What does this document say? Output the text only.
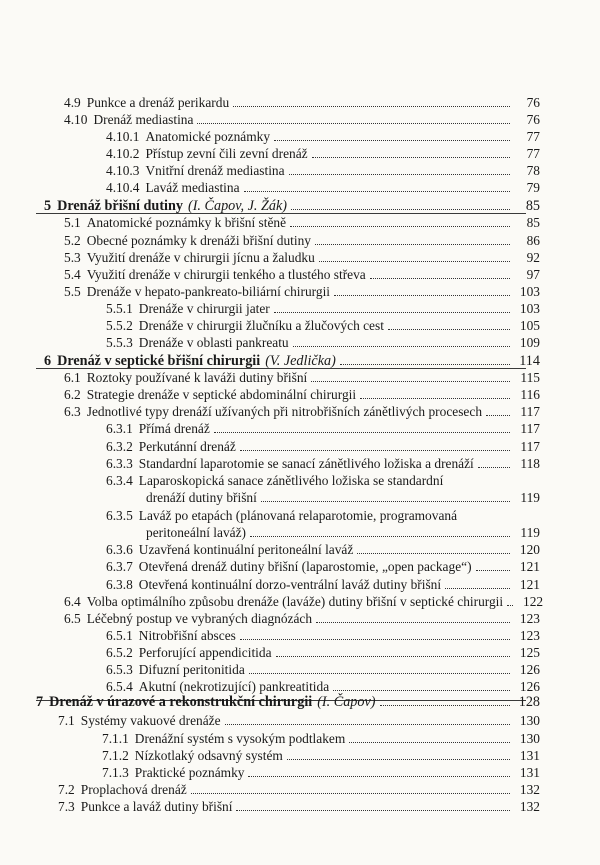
4.9 Punkce a drenáž perikardu	76
4.10 Drenáž mediastina	76
4.10.1 Anatomické poznámky	77
4.10.2 Přístup zevní čili zevní drenáž	77
4.10.3 Vnitřní drenáž mediastina	78
4.10.4 Laváž mediastina	79
5 Drenáž břišní dutiny (I. Čapov, J. Žák)	85
5.1 Anatomické poznámky k břišní stěně	85
5.2 Obecné poznámky k drenáži břišní dutiny	86
5.3 Využití drenáže v chirurgii jícnu a žaludku	92
5.4 Využití drenáže v chirurgii tenkého a tlustého střeva	97
5.5 Drenáže v hepato-pankreato-biliární chirurgii	103
5.5.1 Drenáže v chirurgii jater	103
5.5.2 Drenáže v chirurgii žlučníku a žlučových cest	105
5.5.3 Drenáže v oblasti pankreatu	109
6 Drenáž v septické břišní chirurgii (V. Jedlička)	114
6.1 Roztoky používané k laváži dutiny břišní	115
6.2 Strategie drenáže v septické abdominální chirurgii	116
6.3 Jednotlivé typy drenáží užívaných při nitrobřišních zánětlivých procesech	117
6.3.1 Přímá drenáž	117
6.3.2 Perkutánní drenáž	117
6.3.3 Standardní laparotomie se sanací zánětlivého ložiska a drenáží	118
6.3.4 Laparoskopická sanace zánětlivého ložiska se standardní
drenáží dutiny břišní	119
6.3.5 Laváž po etapách (plánovaná relaparotomie, programovaná
peritoneální laváž)	119
6.3.6 Uzavřená kontinuální peritoneální laváž	120
6.3.7 Otevřená drenáž dutiny břišní (laparostomie, „open package“)	121
6.3.8 Otevřená kontinuální dorzo-ventrální laváž dutiny břišní	121
6.4 Volba optimálního způsobu drenáže (laváže) dutiny břišní v septické chirurgii	122
6.5 Léčebný postup ve vybraných diagnózách	123
6.5.1 Nitrobřišní absces	123
6.5.2 Perforující appendicitida	125
6.5.3 Difuzní peritonitida	126
6.5.4 Akutní (nekrotizující) pankreatitida	126
7 Drenáž v úrazové a rekonstrukční chirurgii (I. Čapov)	128
7.1 Systémy vakuové drenáže	130
7.1.1 Drenážní systém s vysokým podtlakem	130
7.1.2 Nízkotlaký odsavný systém	131
7.1.3 Praktické poznámky	131
7.2 Proplachová drenáž	132
7.3 Punkce a laváž dutiny břišní	132
